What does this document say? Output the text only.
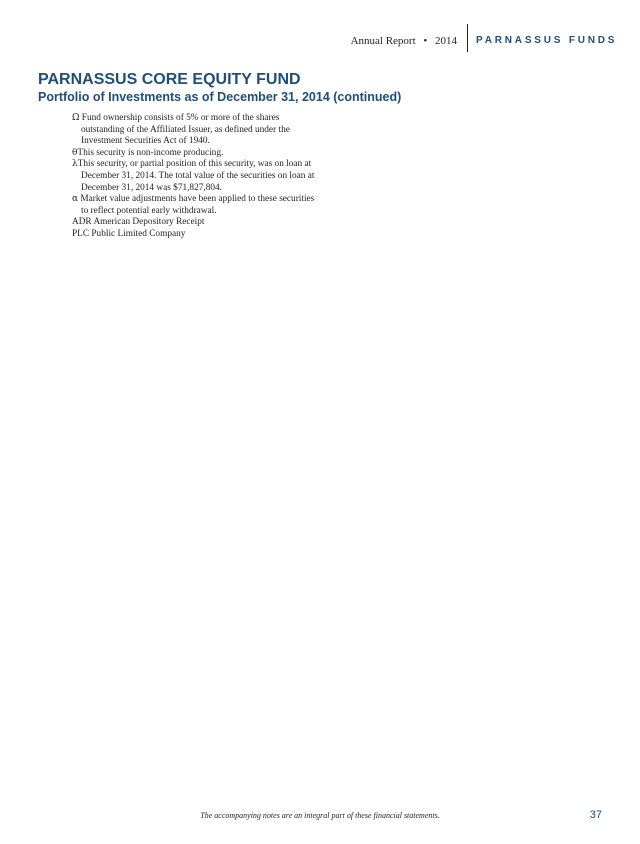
Annual Report • 2014 PARNASSUS FUNDS
PARNASSUS CORE EQUITY FUND
Portfolio of Investments as of December 31, 2014 (continued)
Ω Fund ownership consists of 5% or more of the shares outstanding of the Affiliated Issuer, as defined under the Investment Securities Act of 1940.
θThis security is non-income producing.
λThis security, or partial position of this security, was on loan at December 31, 2014. The total value of the securities on loan at December 31, 2014 was $71,827,804.
α Market value adjustments have been applied to these securities to reflect potential early withdrawal.
ADR American Depository Receipt
PLC Public Limited Company
The accompanying notes are an integral part of these financial statements.	37
